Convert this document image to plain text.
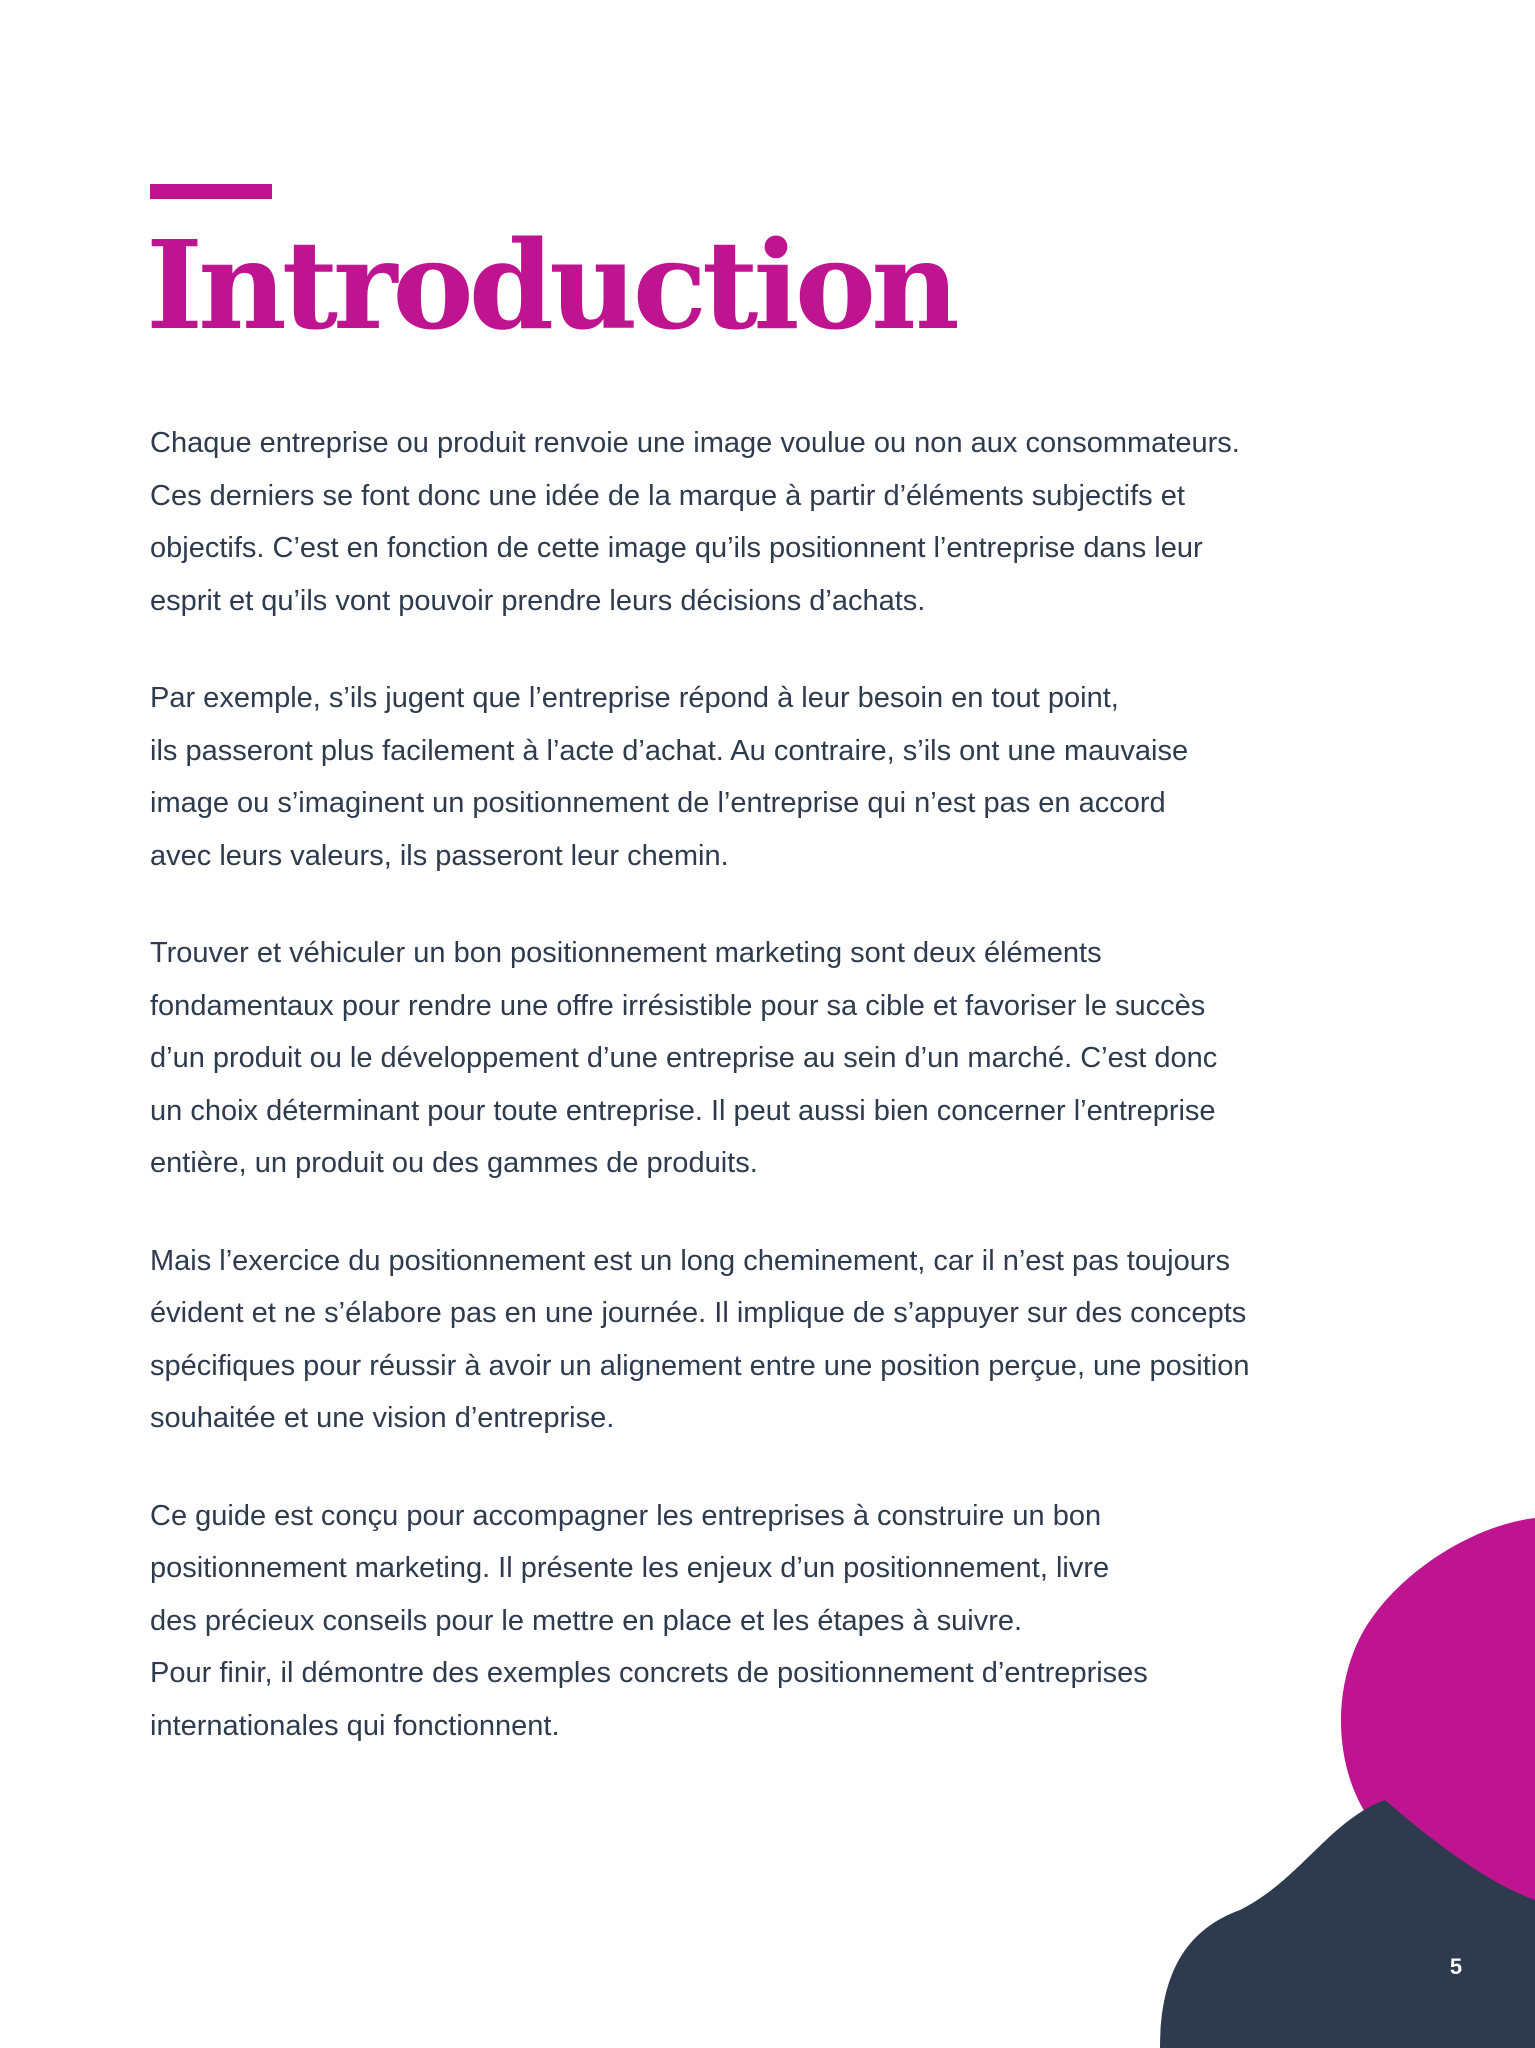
Introduction

Chaque entreprise ou produit renvoie une image voulue ou non aux consommateurs.
Ces derniers se font donc une idée de la marque à partir d’éléments subjectifs et
objectifs. C’est en fonction de cette image qu’ils positionnent l’entreprise dans leur
esprit et qu’ils vont pouvoir prendre leurs décisions d’achats.

Par exemple, s’ils jugent que l’entreprise répond à leur besoin en tout point,
ils passeront plus facilement à l’acte d’achat. Au contraire, s’ils ont une mauvaise
image ou s’imaginent un positionnement de l’entreprise qui n’est pas en accord
avec leurs valeurs, ils passeront leur chemin.

Trouver et véhiculer un bon positionnement marketing sont deux éléments
fondamentaux pour rendre une offre irrésistible pour sa cible et favoriser le succès
d’un produit ou le développement d’une entreprise au sein d’un marché. C’est donc
un choix déterminant pour toute entreprise. Il peut aussi bien concerner l’entreprise
entière, un produit ou des gammes de produits.

Mais l’exercice du positionnement est un long cheminement, car il n’est pas toujours
évident et ne s’élabore pas en une journée. Il implique de s’appuyer sur des concepts
spécifiques pour réussir à avoir un alignement entre une position perçue, une position
souhaitée et une vision d’entreprise.

Ce guide est conçu pour accompagner les entreprises à construire un bon
positionnement marketing. Il présente les enjeux d’un positionnement, livre
des précieux conseils pour le mettre en place et les étapes à suivre.
Pour finir, il démontre des exemples concrets de positionnement d’entreprises
internationales qui fonctionnent.

5
